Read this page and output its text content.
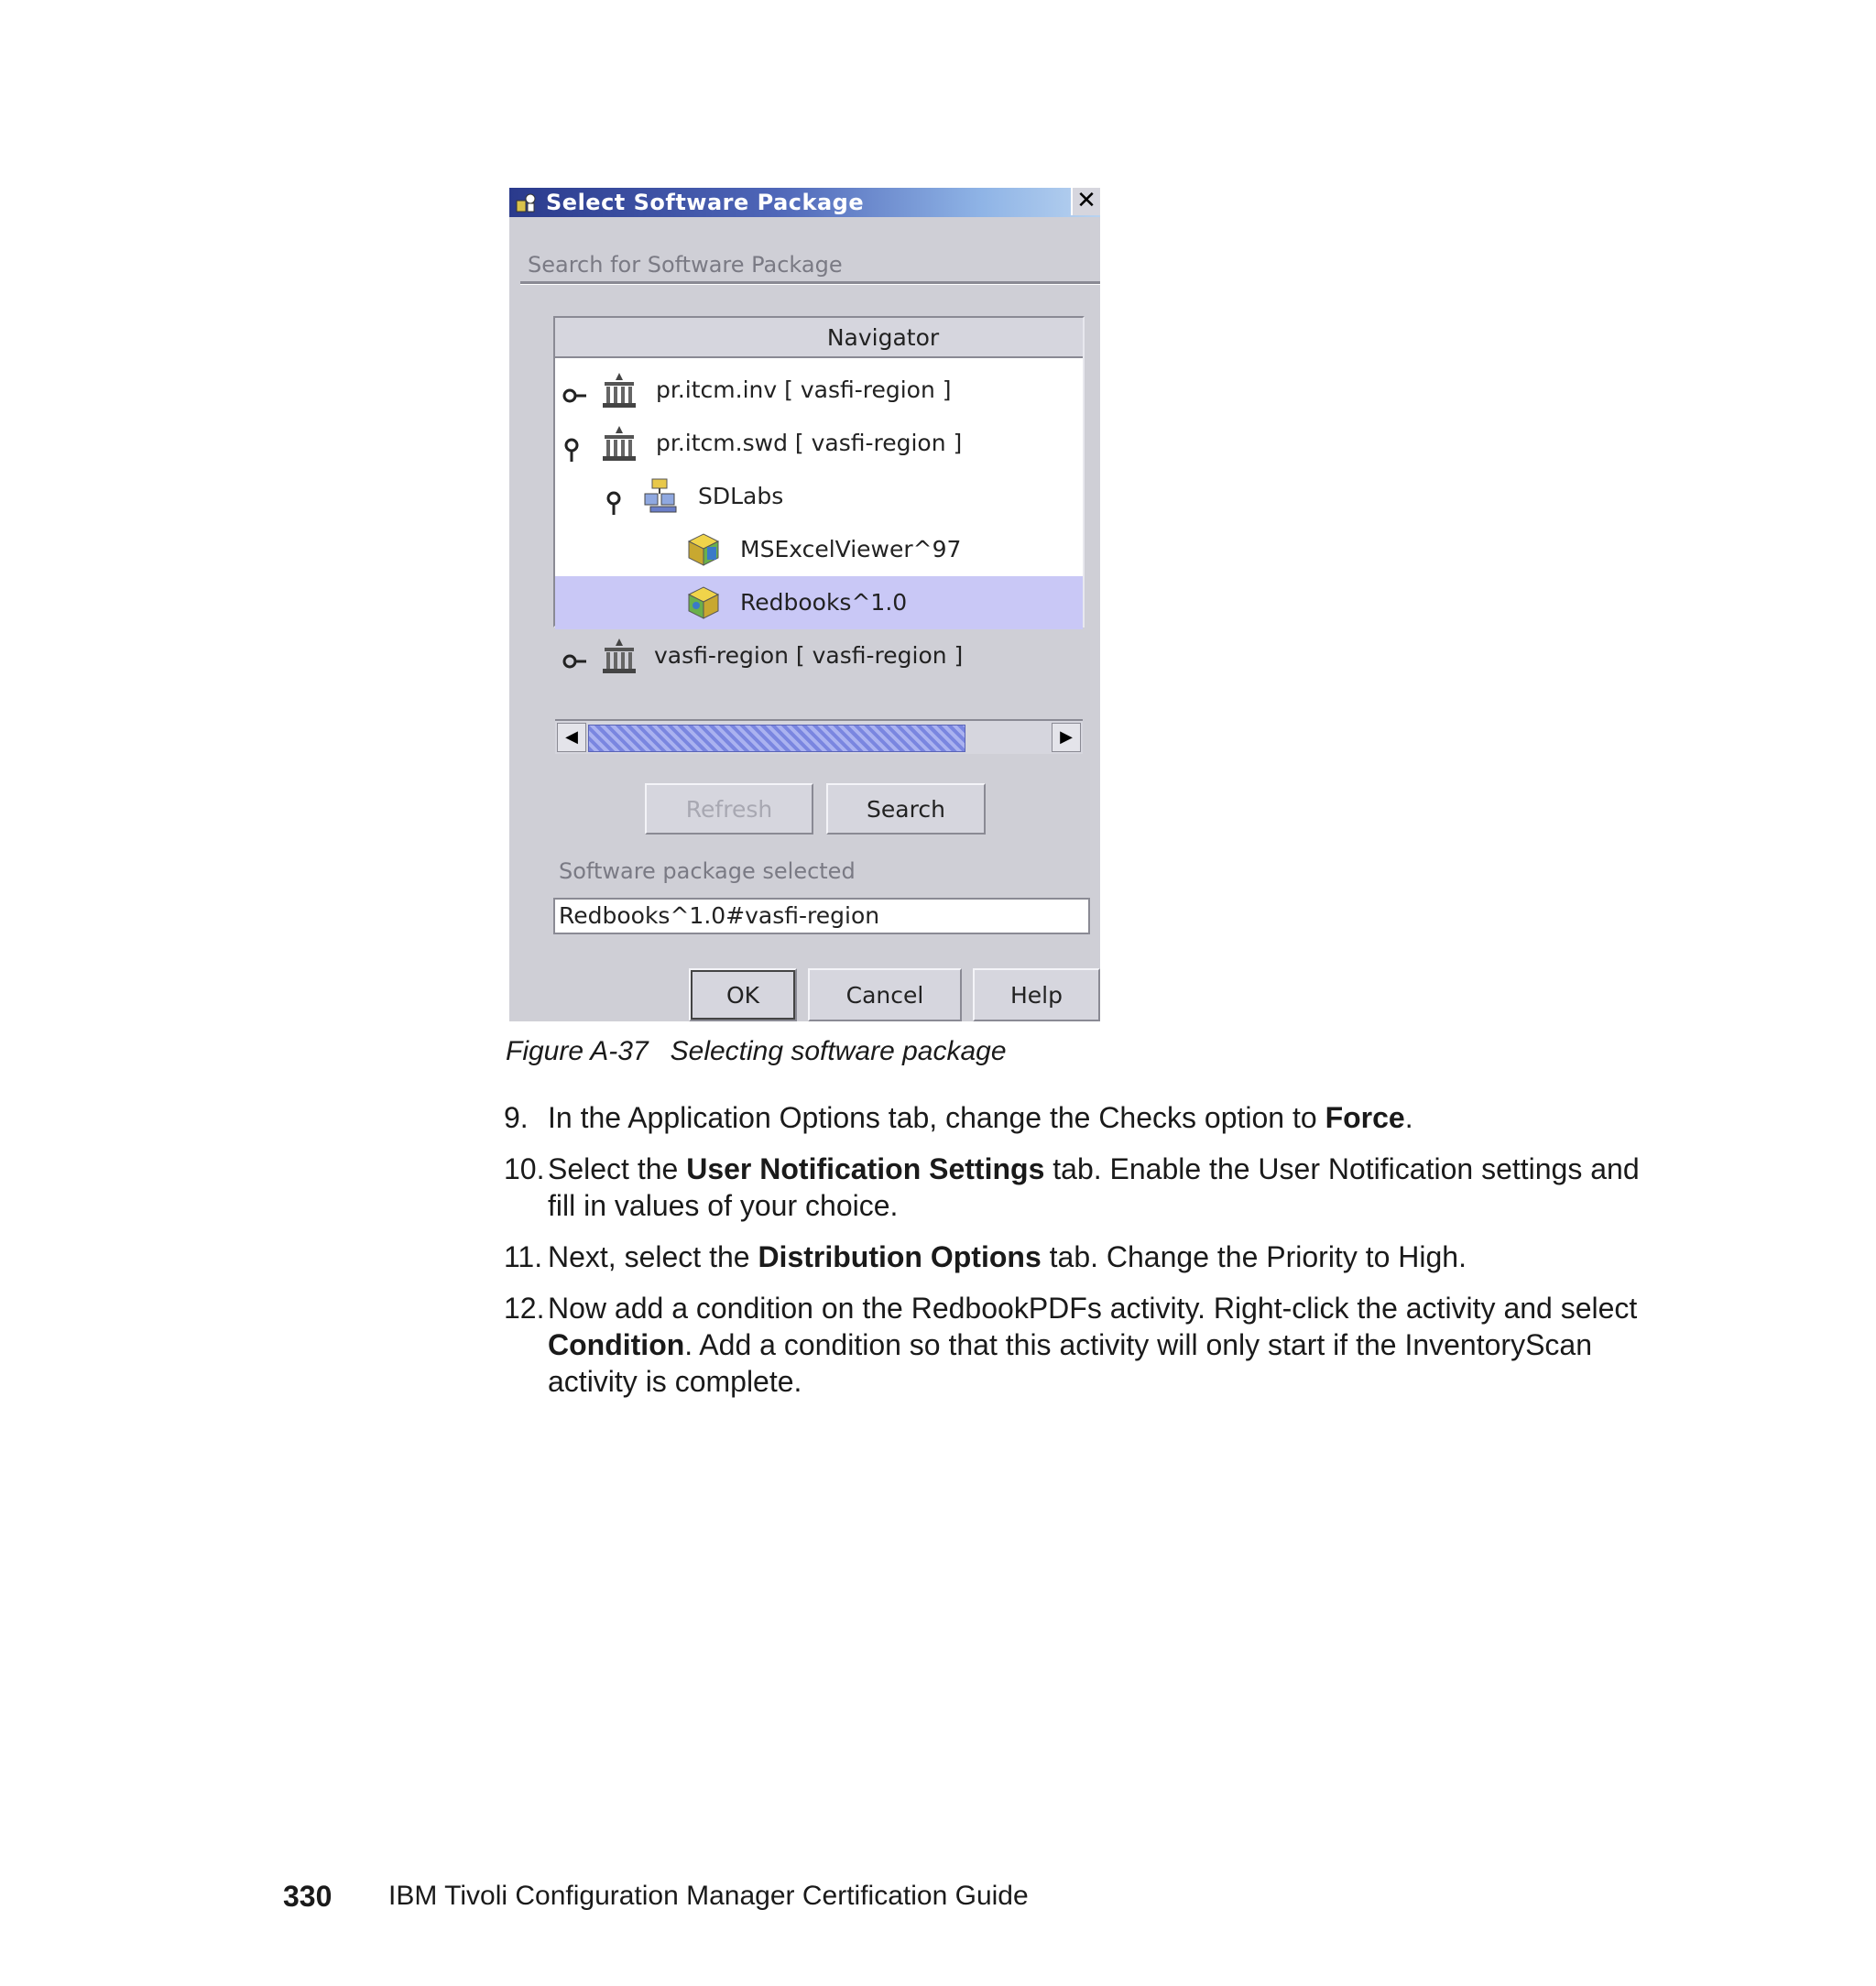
Select Software Package	✕
Search for Software Package
Navigator
pr.itcm.inv [ vasfi-region ]
pr.itcm.swd [ vasfi-region ]
SDLabs
MSExcelViewer^97
Redbooks^1.0
vasfi-region [ vasfi-region ]
◀	▶
Refresh	Search
Software package selected
Redbooks^1.0#vasfi-region
OK	Cancel	Help
Figure A-37 Selecting software package
9. In the Application Options tab, change the Checks option to Force.
10. Select the User Notification Settings tab. Enable the User Notification settings and fill in values of your choice.
11. Next, select the Distribution Options tab. Change the Priority to High.
12. Now add a condition on the RedbookPDFs activity. Right-click the activity and select Condition. Add a condition so that this activity will only start if the InventoryScan activity is complete.
330 IBM Tivoli Configuration Manager Certification Guide
